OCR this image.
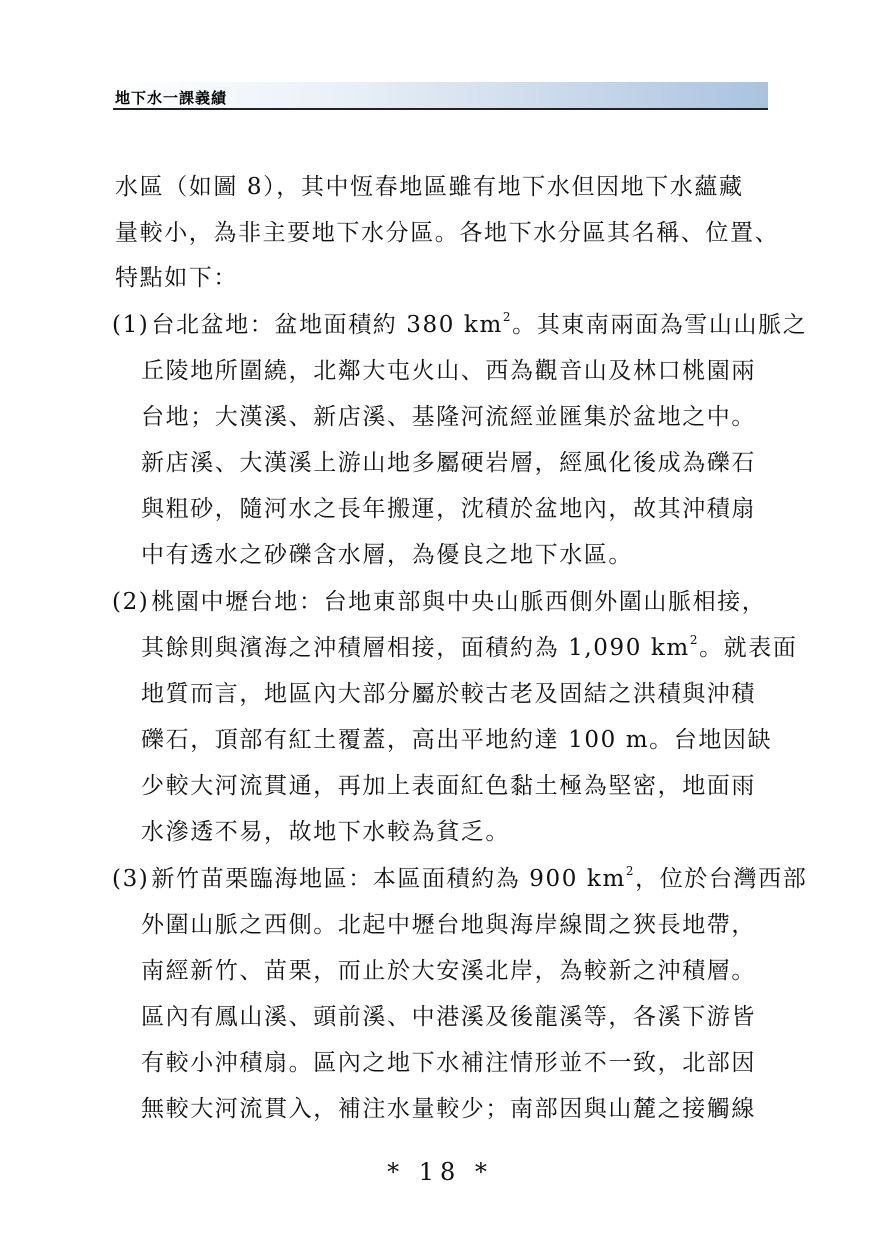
地下水一課義績
水區（如圖 8），其中恆春地區雖有地下水但因地下水蘊藏
量較小，為非主要地下水分區。各地下水分區其名稱、位置、
特點如下：
(1)台北盆地：盆地面積約 380 $km^2$。其東南兩面為雪山山脈之
丘陵地所圍繞，北鄰大屯火山、西為觀音山及林口桃園兩
台地；大漢溪、新店溪、基隆河流經並匯集於盆地之中。
新店溪、大漢溪上游山地多屬硬岩層，經風化後成為礫石
與粗砂，隨河水之長年搬運，沈積於盆地內，故其沖積扇
中有透水之砂礫含水層，為優良之地下水區。
(2)桃園中壢台地：台地東部與中央山脈西側外圍山脈相接，
其餘則與濱海之沖積層相接，面積約為 1,090 $km^2$。就表面
地質而言，地區內大部分屬於較古老及固結之洪積與沖積
礫石，頂部有紅土覆蓋，高出平地約達 100 m。台地因缺
少較大河流貫通，再加上表面紅色黏土極為堅密，地面雨
水滲透不易，故地下水較為貧乏。
(3)新竹苗栗臨海地區：本區面積約為 900 $km^2$，位於台灣西部
外圍山脈之西側。北起中壢台地與海岸線間之狹長地帶，
南經新竹、苗栗，而止於大安溪北岸，為較新之沖積層。
區內有鳳山溪、頭前溪、中港溪及後龍溪等，各溪下游皆
有較小沖積扇。區內之地下水補注情形並不一致，北部因
無較大河流貫入，補注水量較少；南部因與山麓之接觸線
* 18 *
